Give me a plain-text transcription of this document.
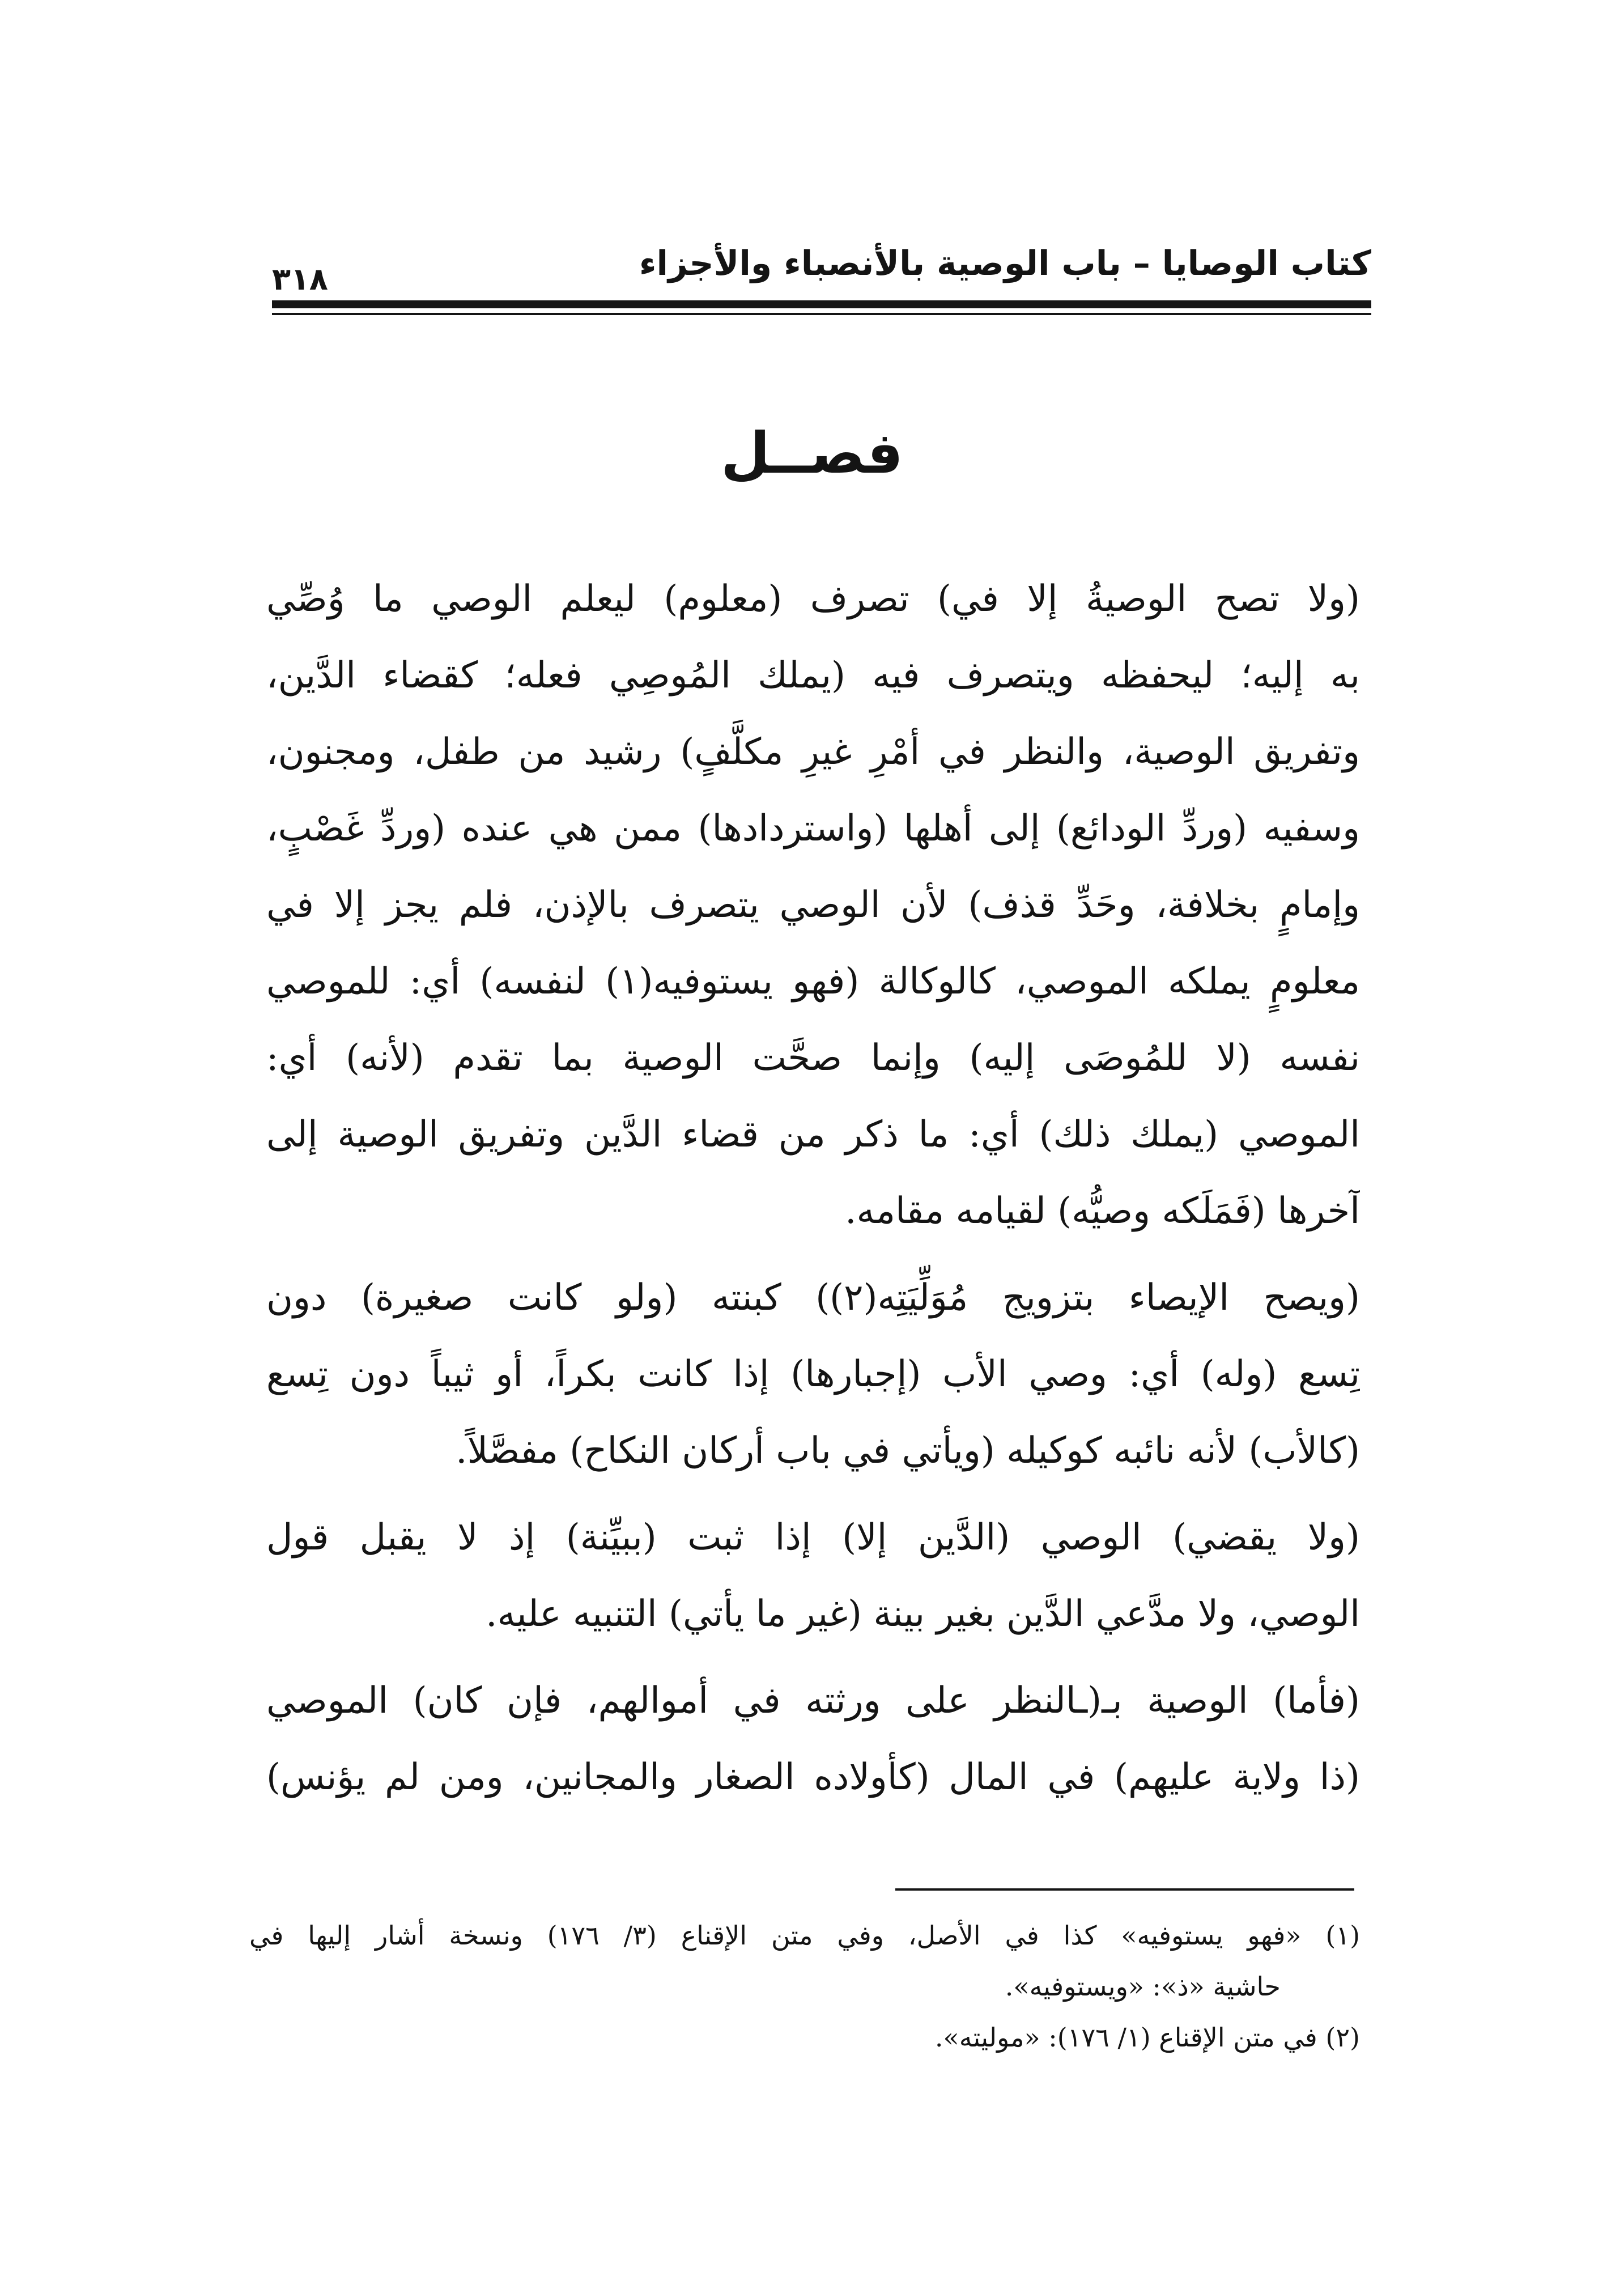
كتاب الوصايا – باب الوصية بالأنصباء والأجزاء
٣١٨
فصــل
(ولا تصح الوصيةُ إلا في) تصرف (معلوم) ليعلم الوصي ما وُصِّي
به إليه؛ ليحفظه ويتصرف فيه (يملك المُوصِي فعله؛ كقضاء الدَّين،
وتفريق الوصية، والنظر في أمْرِ غيرِ مكلَّفٍ) رشيد من طفل، ومجنون،
وسفيه (وردِّ الودائع) إلى أهلها (واستردادها) ممن هي عنده (وردِّ غَصْبٍ،
وإمامٍ بخلافة، وحَدِّ قذف) لأن الوصي يتصرف بالإذن، فلم يجز إلا في
معلومٍ يملكه الموصي، كالوكالة (فهو يستوفيه(١) لنفسه) أي: للموصي
نفسه (لا للمُوصَى إليه) وإنما صحَّت الوصية بما تقدم (لأنه) أي:
الموصي (يملك ذلك) أي: ما ذكر من قضاء الدَّين وتفريق الوصية إلى
آخرها (فَمَلَكه وصيُّه) لقيامه مقامه.
(ويصح الإيصاء بتزويج مُوَلِّيَتِه(٢)) كبنته (ولو كانت صغيرة) دون
تِسع (وله) أي: وصي الأب (إجبارها) إذا كانت بكراً، أو ثيباً دون تِسع
(كالأب) لأنه نائبه كوكيله (ويأتي في باب أركان النكاح) مفصَّلاً.
(ولا يقضي) الوصي (الدَّين إلا) إذا ثبت (ببيِّنة) إذ لا يقبل قول
الوصي، ولا مدَّعي الدَّين بغير بينة (غير ما يأتي) التنبيه عليه.
(فأما) الوصية بـ(ـالنظر على ورثته في أموالهم، فإن كان) الموصي
(ذا ولاية عليهم) في المال (كأولاده الصغار والمجانين، ومن لم يؤنس)
(١) «فهو يستوفيه» كذا في الأصل، وفي متن الإقناع (٣/ ١٧٦) ونسخة أشار إليها في
حاشية «ذ»: «ويستوفيه».
(٢) في متن الإقناع (١/ ١٧٦): «موليته».
